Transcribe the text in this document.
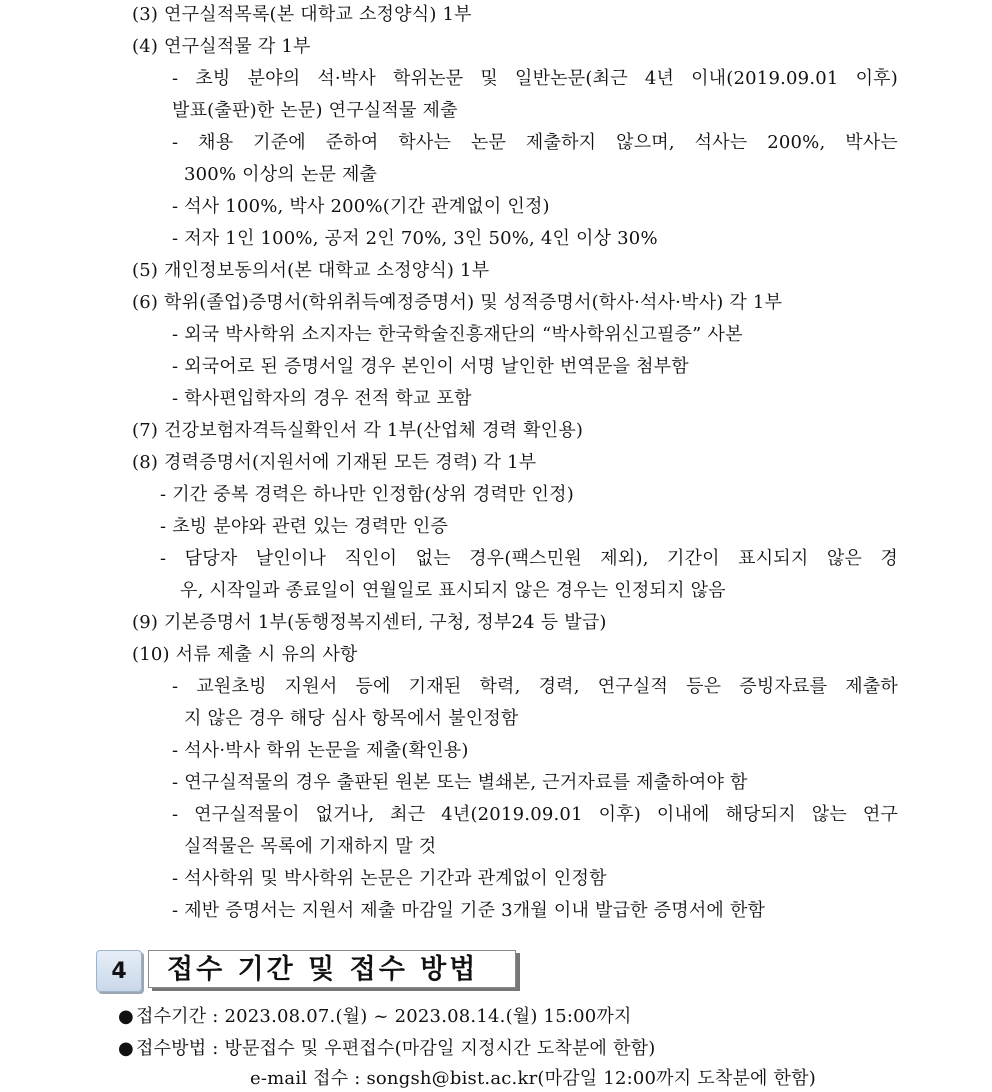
(3) 연구실적목록(본 대학교 소정양식) 1부
(4) 연구실적물 각 1부
- 초빙 분야의 석·박사 학위논문 및 일반논문(최근 4년 이내(2019.09.01 이후)
발표(출판)한 논문) 연구실적물 제출
- 채용 기준에 준하여 학사는 논문 제출하지 않으며, 석사는 200%, 박사는
300% 이상의 논문 제출
- 석사 100%, 박사 200%(기간 관계없이 인정)
- 저자 1인 100%, 공저 2인 70%, 3인 50%, 4인 이상 30%
(5) 개인정보동의서(본 대학교 소정양식) 1부
(6) 학위(졸업)증명서(학위취득예정증명서) 및 성적증명서(학사·석사·박사) 각 1부
- 외국 박사학위 소지자는 한국학술진흥재단의 “박사학위신고필증” 사본
- 외국어로 된 증명서일 경우 본인이 서명 날인한 번역문을 첨부함
- 학사편입학자의 경우 전적 학교 포함
(7) 건강보험자격득실확인서 각 1부(산업체 경력 확인용)
(8) 경력증명서(지원서에 기재된 모든 경력) 각 1부
- 기간 중복 경력은 하나만 인정함(상위 경력만 인정)
- 초빙 분야와 관련 있는 경력만 인증
- 담당자 날인이나 직인이 없는 경우(팩스민원 제외), 기간이 표시되지 않은 경
우, 시작일과 종료일이 연월일로 표시되지 않은 경우는 인정되지 않음
(9) 기본증명서 1부(동행정복지센터, 구청, 정부24 등 발급)
(10) 서류 제출 시 유의 사항
- 교원초빙 지원서 등에 기재된 학력, 경력, 연구실적 등은 증빙자료를 제출하
지 않은 경우 해당 심사 항목에서 불인정함
- 석사·박사 학위 논문을 제출(확인용)
- 연구실적물의 경우 출판된 원본 또는 별쇄본, 근거자료를 제출하여야 함
- 연구실적물이 없거나, 최근 4년(2019.09.01 이후) 이내에 해당되지 않는 연구
실적물은 목록에 기재하지 말 것
- 석사학위 및 박사학위 논문은 기간과 관계없이 인정함
- 제반 증명서는 지원서 제출 마감일 기준 3개월 이내 발급한 증명서에 한함
4	접수 기간 및 접수 방법
● 접수기간 : 2023.08.07.(월) ~ 2023.08.14.(월) 15:00까지
● 접수방법 : 방문접수 및 우편접수(마감일 지정시간 도착분에 한함)
e-mail 접수 : songsh@bist.ac.kr(마감일 12:00까지 도착분에 한함)
